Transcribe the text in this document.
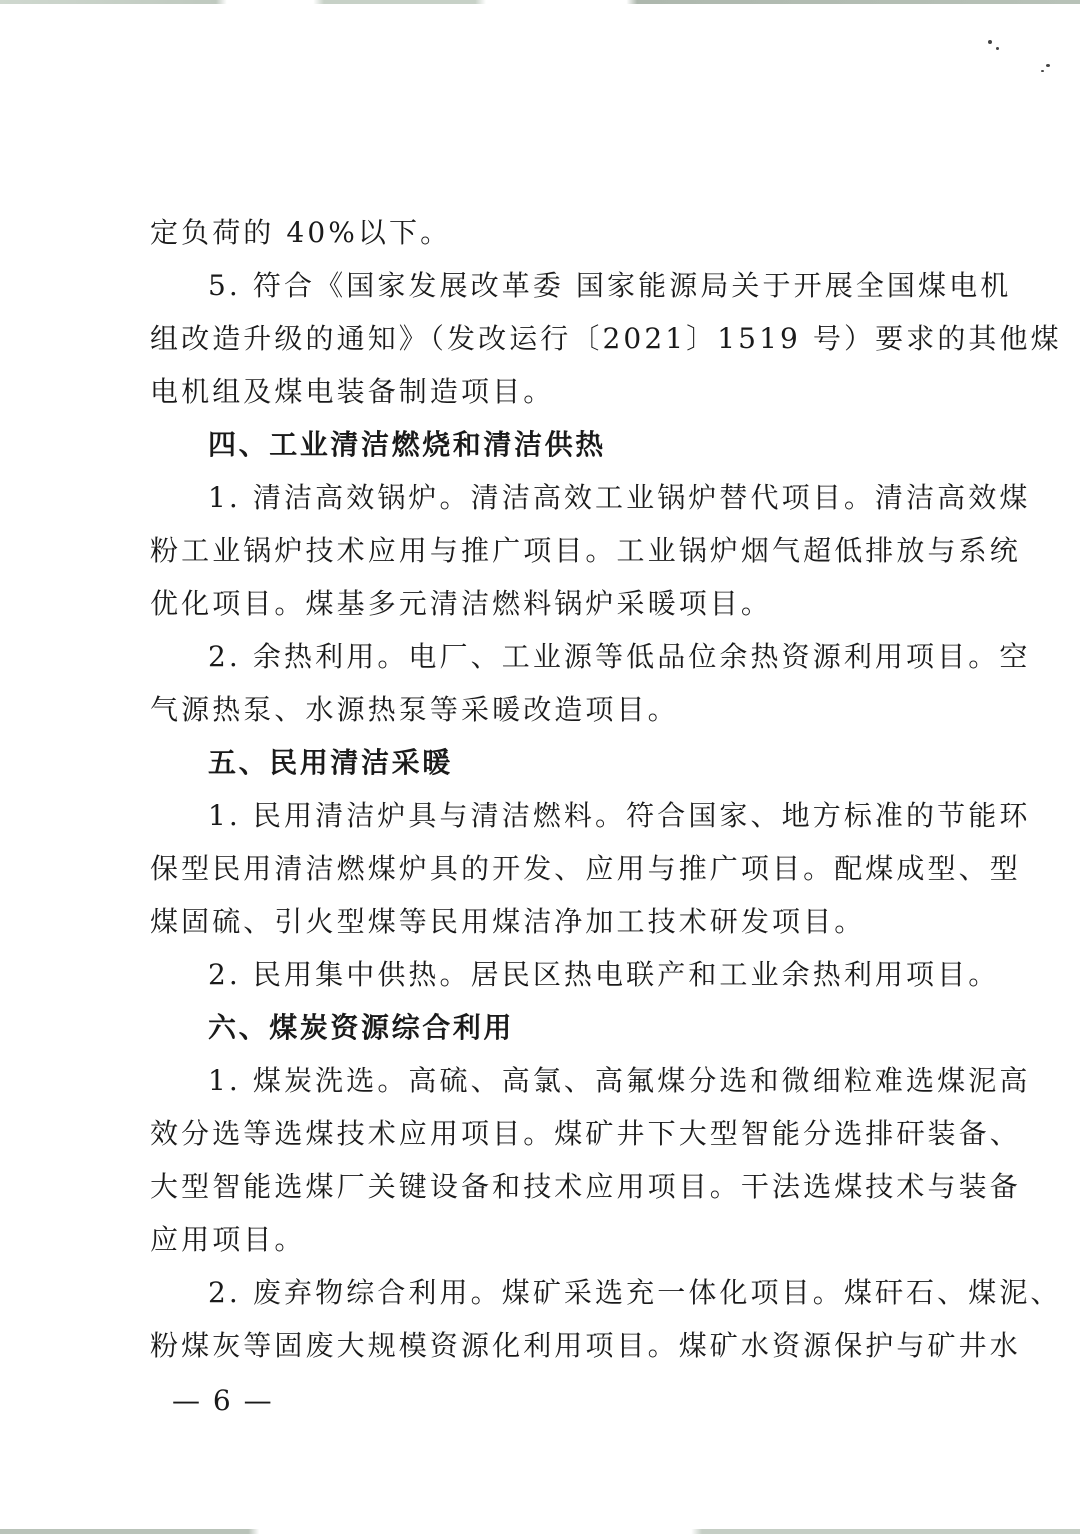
定负荷的 40%以下。
5. 符合《国家发展改革委 国家能源局关于开展全国煤电机
组改造升级的通知》（发改运行〔2021〕1519 号）要求的其他煤
电机组及煤电装备制造项目。
四、工业清洁燃烧和清洁供热
1. 清洁高效锅炉。清洁高效工业锅炉替代项目。清洁高效煤
粉工业锅炉技术应用与推广项目。工业锅炉烟气超低排放与系统
优化项目。煤基多元清洁燃料锅炉采暖项目。
2. 余热利用。电厂、工业源等低品位余热资源利用项目。空
气源热泵、水源热泵等采暖改造项目。
五、民用清洁采暖
1. 民用清洁炉具与清洁燃料。符合国家、地方标准的节能环
保型民用清洁燃煤炉具的开发、应用与推广项目。配煤成型、型
煤固硫、引火型煤等民用煤洁净加工技术研发项目。
2. 民用集中供热。居民区热电联产和工业余热利用项目。
六、煤炭资源综合利用
1. 煤炭洗选。高硫、高氯、高氟煤分选和微细粒难选煤泥高
效分选等选煤技术应用项目。煤矿井下大型智能分选排矸装备、
大型智能选煤厂关键设备和技术应用项目。干法选煤技术与装备
应用项目。
2. 废弃物综合利用。煤矿采选充一体化项目。煤矸石、煤泥、
粉煤灰等固废大规模资源化利用项目。煤矿水资源保护与矿井水
— 6 —
